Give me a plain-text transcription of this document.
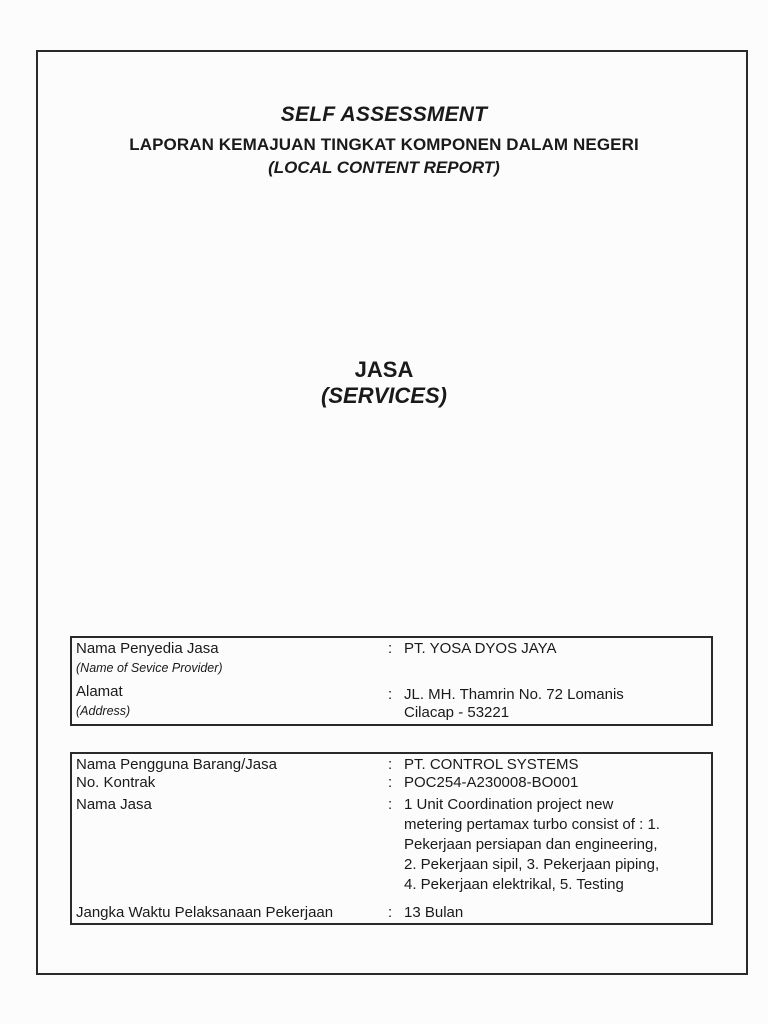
SELF ASSESSMENT
LAPORAN KEMAJUAN TINGKAT KOMPONEN DALAM NEGERI
(LOCAL CONTENT REPORT)
JASA
(SERVICES)
Nama Penyedia Jasa	: PT. YOSA DYOS JAYA
(Name of Sevice Provider)
Alamat	: JL. MH. Thamrin No. 72 Lomanis
(Address)	Cilacap - 53221
Nama Pengguna Barang/Jasa	: PT. CONTROL SYSTEMS
No. Kontrak	: POC254-A230008-BO001
Nama Jasa	: 1 Unit Coordination project new
metering pertamax turbo consist of : 1.
Pekerjaan persiapan dan engineering,
2. Pekerjaan sipil, 3. Pekerjaan piping,
4. Pekerjaan elektrikal, 5. Testing
Jangka Waktu Pelaksanaan Pekerjaan	: 13 Bulan
